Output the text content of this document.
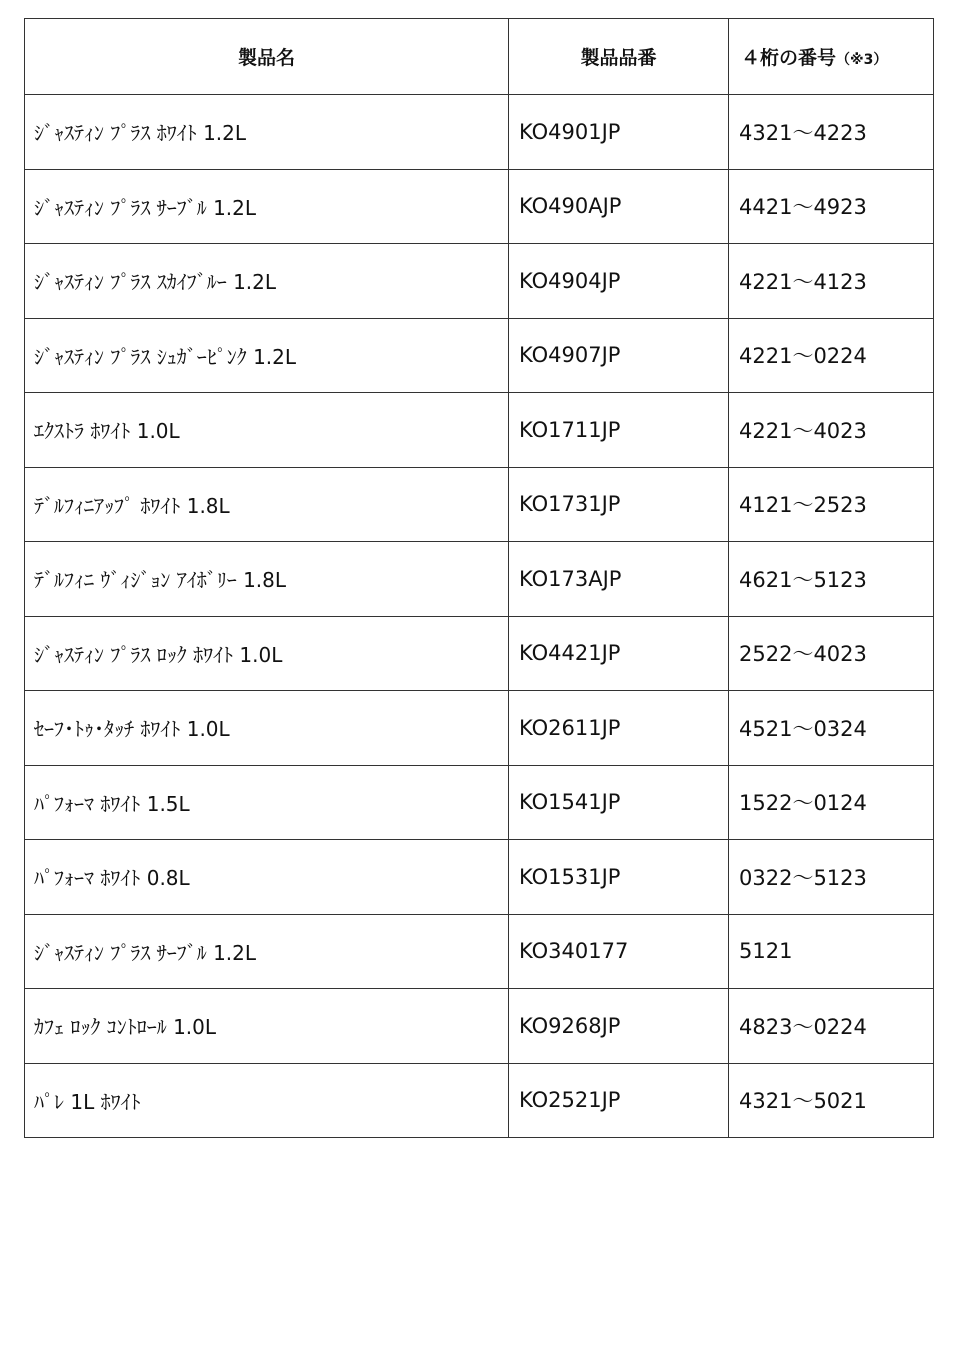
製品名	製品品番	４桁の番号（※3）
ｼﾞｬｽﾃｨﾝ ﾌﾟﾗｽ ﾎﾜｲﾄ 1.2L	KO4901JP	4321～4223
ｼﾞｬｽﾃｨﾝ ﾌﾟﾗｽ ｻｰﾌﾞﾙ 1.2L	KO490AJP	4421～4923
ｼﾞｬｽﾃｨﾝ ﾌﾟﾗｽ ｽｶｲﾌﾞﾙｰ 1.2L	KO4904JP	4221～4123
ｼﾞｬｽﾃｨﾝ ﾌﾟﾗｽ ｼｭｶﾞｰﾋﾟﾝｸ 1.2L	KO4907JP	4221～0224
ｴｸｽﾄﾗ ﾎﾜｲﾄ 1.0L	KO1711JP	4221～4023
ﾃﾞﾙﾌｨﾆｱｯﾌﾟ ﾎﾜｲﾄ 1.8L	KO1731JP	4121～2523
ﾃﾞﾙﾌｨﾆ ｳﾞｨｼﾞｮﾝ ｱｲﾎﾞﾘｰ 1.8L	KO173AJP	4621～5123
ｼﾞｬｽﾃｨﾝ ﾌﾟﾗｽ ﾛｯｸ ﾎﾜｲﾄ 1.0L	KO4421JP	2522～4023
ｾｰﾌ･ﾄｩ･ﾀｯﾁ ﾎﾜｲﾄ 1.0L	KO2611JP	4521～0324
ﾊﾟﾌｫｰﾏ ﾎﾜｲﾄ 1.5L	KO1541JP	1522～0124
ﾊﾟﾌｫｰﾏ ﾎﾜｲﾄ 0.8L	KO1531JP	0322～5123
ｼﾞｬｽﾃｨﾝ ﾌﾟﾗｽ ｻｰﾌﾞﾙ 1.2L	KO340177	5121
ｶﾌｪ ﾛｯｸ ｺﾝﾄﾛｰﾙ 1.0L	KO9268JP	4823～0224
ﾊﾟﾚ 1L ﾎﾜｲﾄ	KO2521JP	4321～5021
